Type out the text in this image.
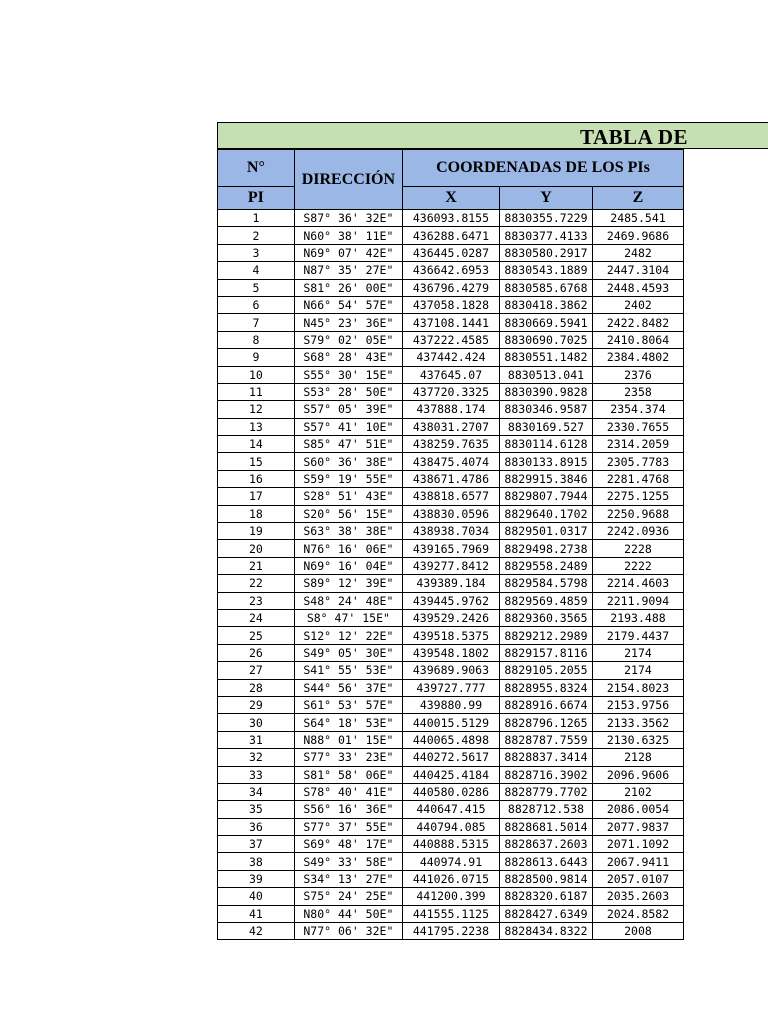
TABLA DE
N°	DIRECCIÓN	COORDENADAS DE LOS PIs		
PI		X	Y	Z
1	S87° 36' 32E"	436093.8155	8830355.7229	2485.541
2	N60° 38' 11E"	436288.6471	8830377.4133	2469.9686
3	N69° 07' 42E"	436445.0287	8830580.2917	2482
4	N87° 35' 27E"	436642.6953	8830543.1889	2447.3104
5	S81° 26' 00E"	436796.4279	8830585.6768	2448.4593
6	N66° 54' 57E"	437058.1828	8830418.3862	2402
7	N45° 23' 36E"	437108.1441	8830669.5941	2422.8482
8	S79° 02' 05E"	437222.4585	8830690.7025	2410.8064
9	S68° 28' 43E"	437442.424	8830551.1482	2384.4802
10	S55° 30' 15E"	437645.07	8830513.041	2376
11	S53° 28' 50E"	437720.3325	8830390.9828	2358
12	S57° 05' 39E"	437888.174	8830346.9587	2354.374
13	S57° 41' 10E"	438031.2707	8830169.527	2330.7655
14	S85° 47' 51E"	438259.7635	8830114.6128	2314.2059
15	S60° 36' 38E"	438475.4074	8830133.8915	2305.7783
16	S59° 19' 55E"	438671.4786	8829915.3846	2281.4768
17	S28° 51' 43E"	438818.6577	8829807.7944	2275.1255
18	S20° 56' 15E"	438830.0596	8829640.1702	2250.9688
19	S63° 38' 38E"	438938.7034	8829501.0317	2242.0936
20	N76° 16' 06E"	439165.7969	8829498.2738	2228
21	N69° 16' 04E"	439277.8412	8829558.2489	2222
22	S89° 12' 39E"	439389.184	8829584.5798	2214.4603
23	S48° 24' 48E"	439445.9762	8829569.4859	2211.9094
24	S8° 47' 15E"	439529.2426	8829360.3565	2193.488
25	S12° 12' 22E"	439518.5375	8829212.2989	2179.4437
26	S49° 05' 30E"	439548.1802	8829157.8116	2174
27	S41° 55' 53E"	439689.9063	8829105.2055	2174
28	S44° 56' 37E"	439727.777	8828955.8324	2154.8023
29	S61° 53' 57E"	439880.99	8828916.6674	2153.9756
30	S64° 18' 53E"	440015.5129	8828796.1265	2133.3562
31	N88° 01' 15E"	440065.4898	8828787.7559	2130.6325
32	S77° 33' 23E"	440272.5617	8828837.3414	2128
33	S81° 58' 06E"	440425.4184	8828716.3902	2096.9606
34	S78° 40' 41E"	440580.0286	8828779.7702	2102
35	S56° 16' 36E"	440647.415	8828712.538	2086.0054
36	S77° 37' 55E"	440794.085	8828681.5014	2077.9837
37	S69° 48' 17E"	440888.5315	8828637.2603	2071.1092
38	S49° 33' 58E"	440974.91	8828613.6443	2067.9411
39	S34° 13' 27E"	441026.0715	8828500.9814	2057.0107
40	S75° 24' 25E"	441200.399	8828320.6187	2035.2603
41	N80° 44' 50E"	441555.1125	8828427.6349	2024.8582
42	N77° 06' 32E"	441795.2238	8828434.8322	2008
